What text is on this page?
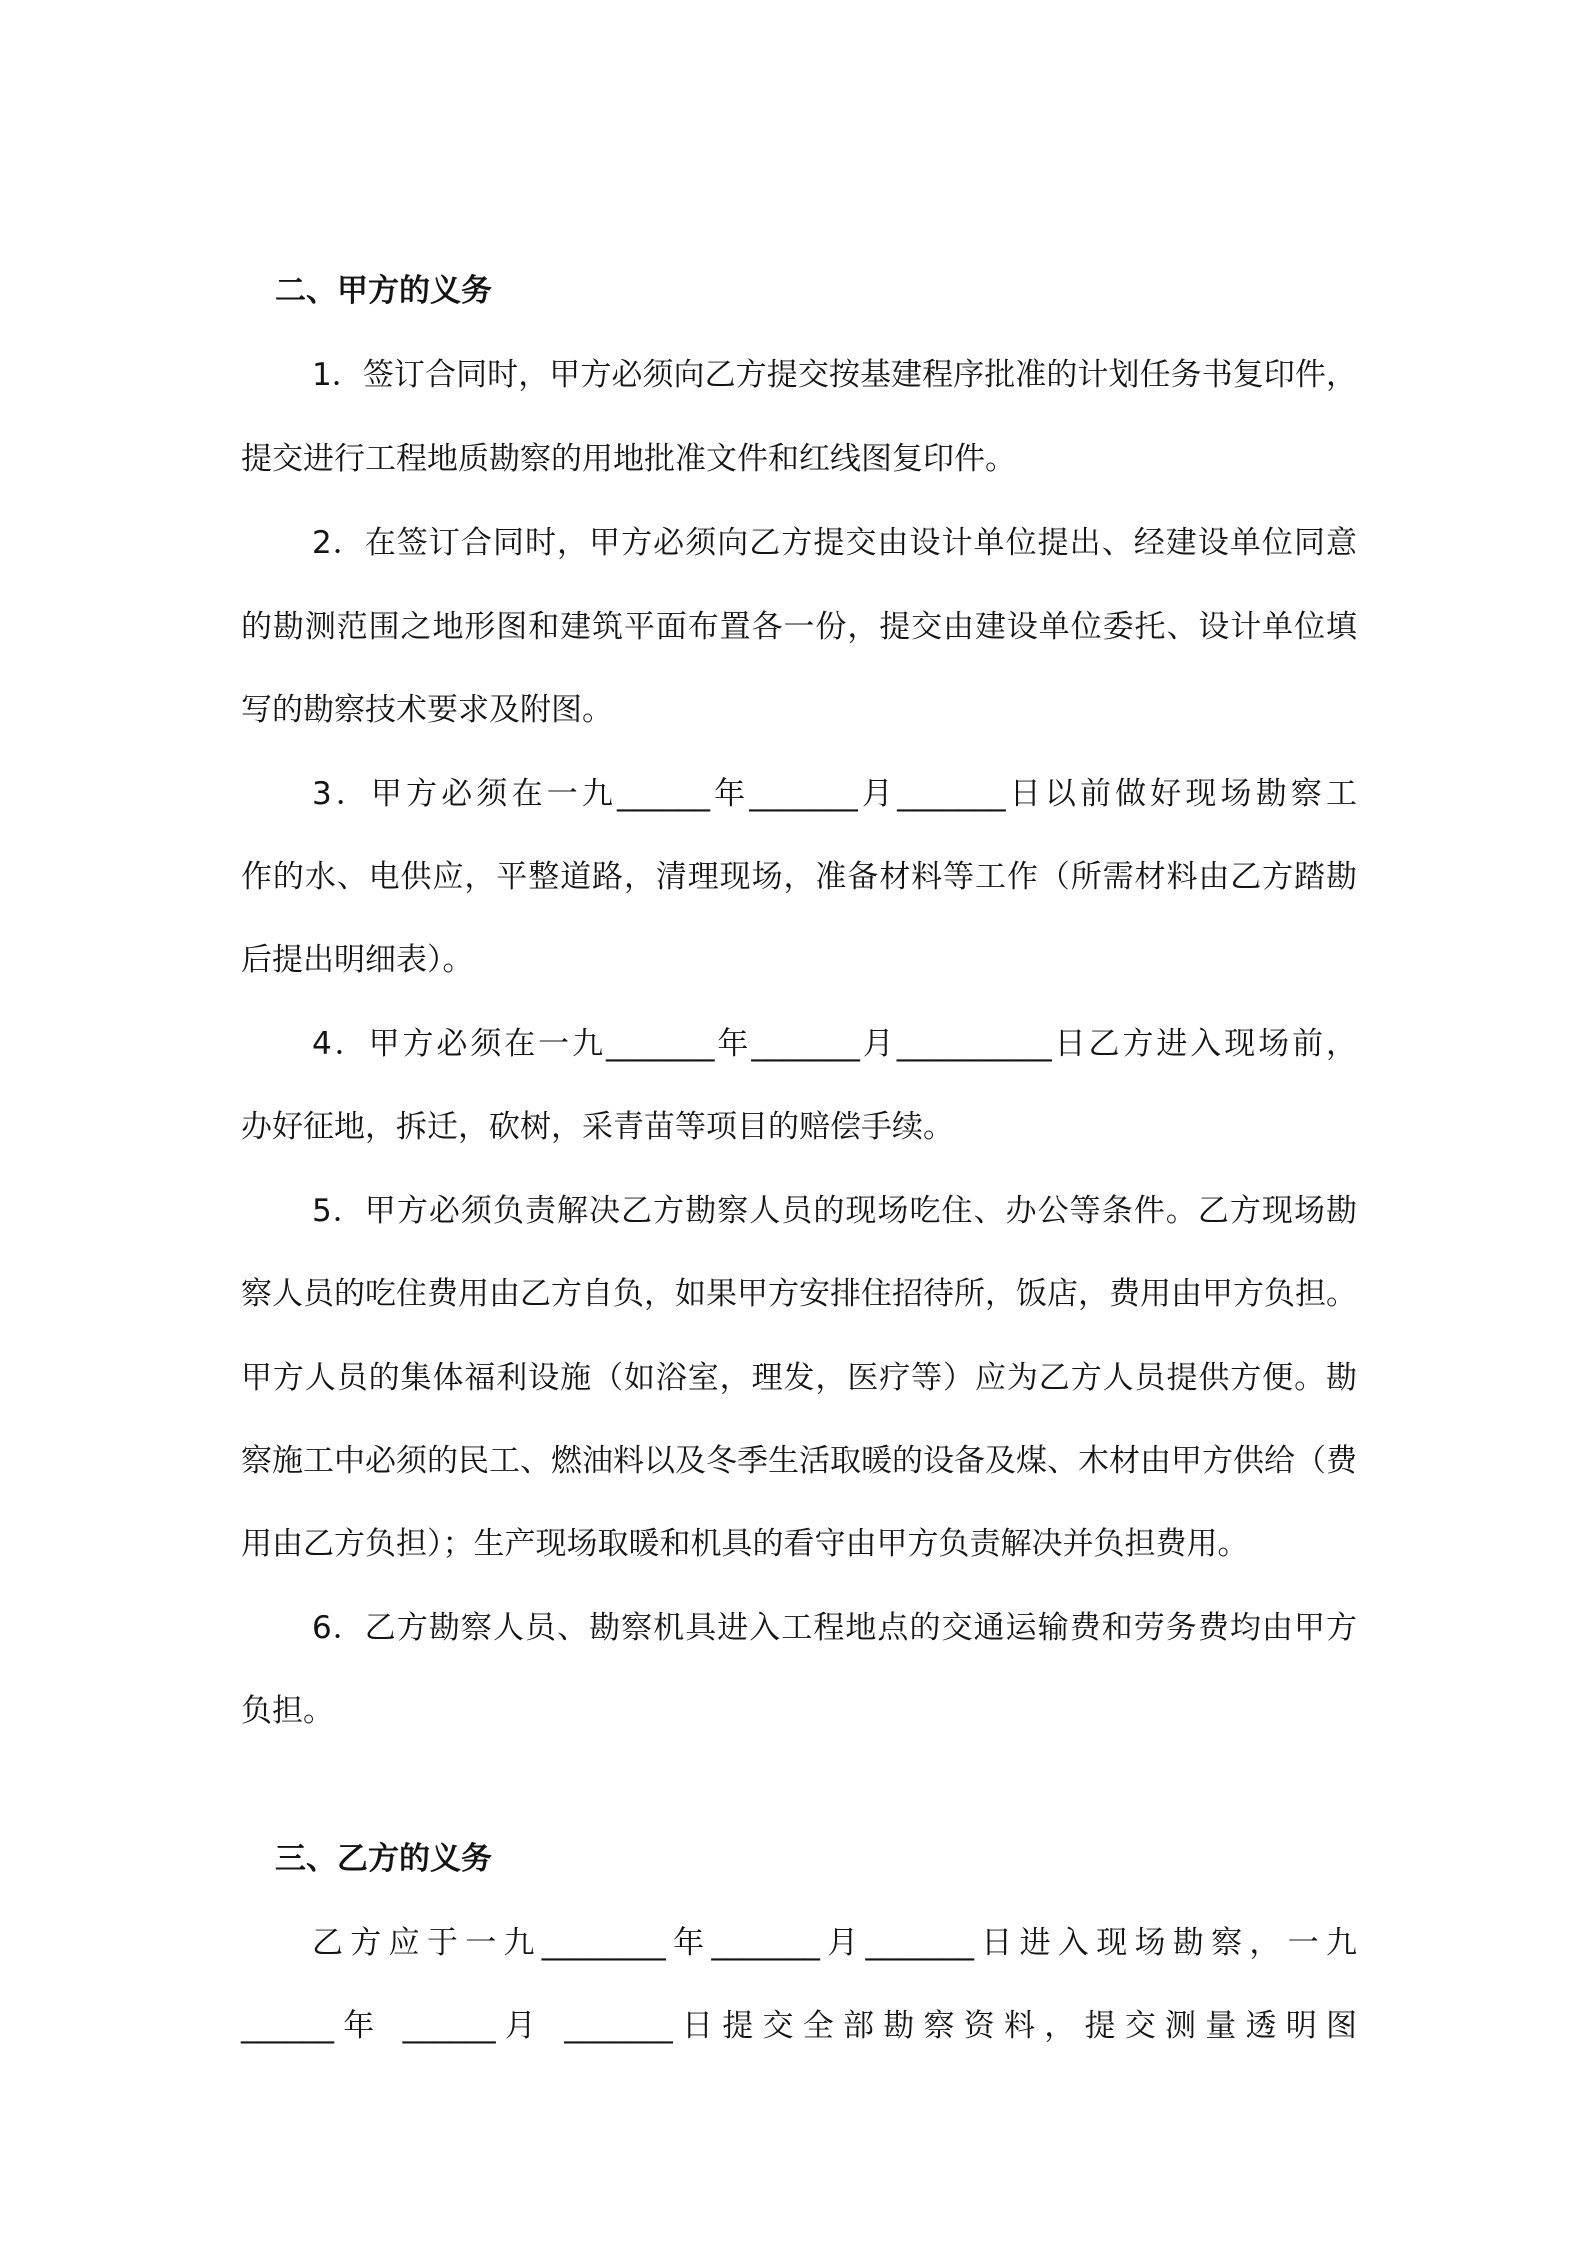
二、甲方的义务
1．签订合同时，甲方必须向乙方提交按基建程序批准的计划任务书复印件，
提交进行工程地质勘察的用地批准文件和红线图复印件。
2．在签订合同时，甲方必须向乙方提交由设计单位提出、经建设单位同意
的勘测范围之地形图和建筑平面布置各一份，提交由建设单位委托、设计单位填
写的勘察技术要求及附图。
3．甲方必须在一九______年_______月_______日以前做好现场勘察工
作的水、电供应，平整道路，清理现场，准备材料等工作（所需材料由乙方踏勘
后提出明细表）。
4．甲方必须在一九_______年_______月__________日乙方进入现场前，
办好征地，拆迁，砍树，采青苗等项目的赔偿手续。
5．甲方必须负责解决乙方勘察人员的现场吃住、办公等条件。乙方现场勘
察人员的吃住费用由乙方自负，如果甲方安排住招待所，饭店，费用由甲方负担。
甲方人员的集体福利设施（如浴室，理发，医疗等）应为乙方人员提供方便。勘
察施工中必须的民工、燃油料以及冬季生活取暖的设备及煤、木材由甲方供给（费
用由乙方负担）；生产现场取暖和机具的看守由甲方负责解决并负担费用。
6．乙方勘察人员、勘察机具进入工程地点的交通运输费和劳务费均由甲方
负担。
三、乙方的义务
乙方应于一九________年_______月_______日进入现场勘察，一九
______年 ______月 _______日提交全部勘察资料，提交测量透明图
